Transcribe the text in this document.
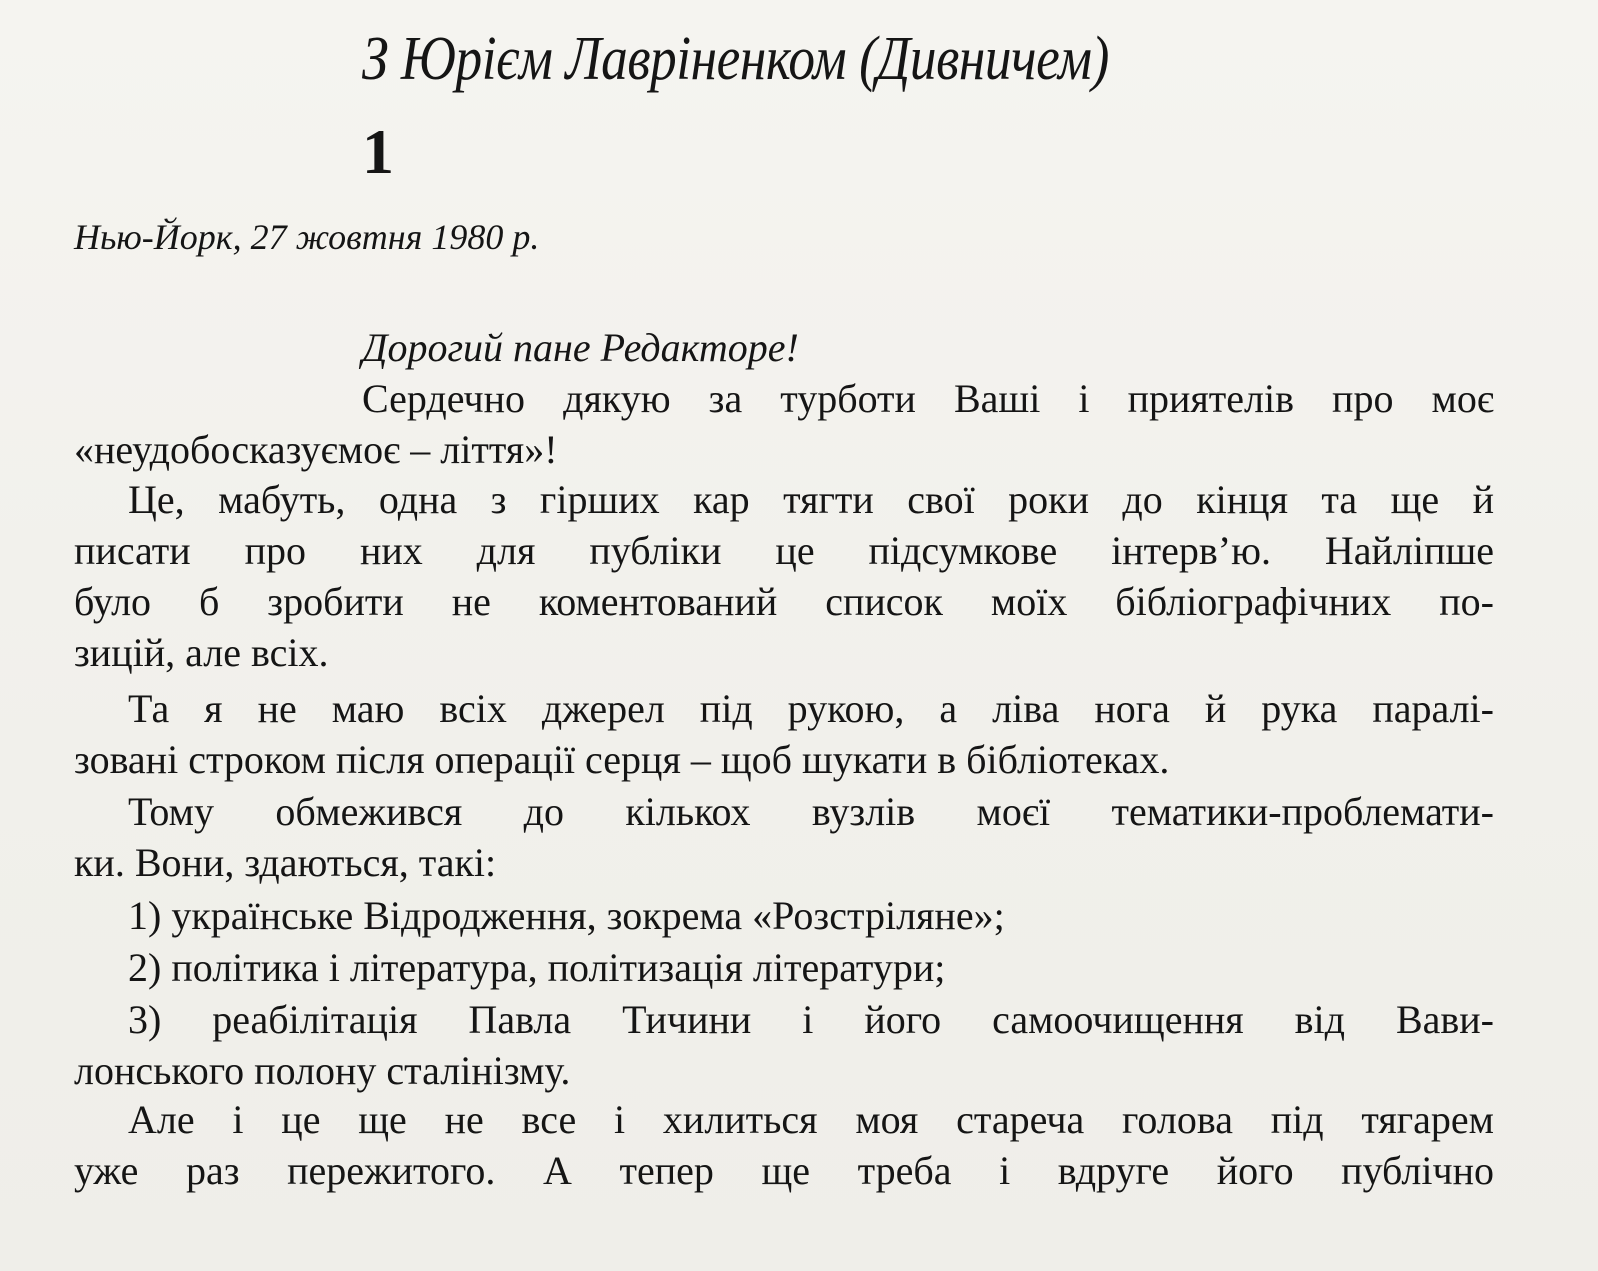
З Юрієм Лавріненком (Дивничем)
1
Нью-Йорк, 27 жовтня 1980 р.
Дорогий пане Редакторе!
Сердечно дякую за турботи Ваші і приятелів про моє
«неудобосказуємоє – ліття»!
Це, мабуть, одна з гірших кар тягти свої роки до кінця та ще й
писати про них для публіки це підсумкове інтерв’ю. Найліпше
було б зробити не коментований список моїх бібліографічних по-
зицій, але всіх.
Та я не маю всіх джерел під рукою, а ліва нога й рука паралі-
зовані строком після операції серця – щоб шукати в бібліотеках.
Тому обмежився до кількох вузлів моєї тематики-проблемати-
ки. Вони, здаються, такі:
1) українське Відродження, зокрема «Розстріляне»;
2) політика і література, політизація літератури;
3) реабілітація Павла Тичини і його самоочищення від Вави-
лонського полону сталінізму.
Але і це ще не все і хилиться моя стареча голова під тягарем
уже раз пережитого. А тепер ще треба і вдруге його публічно
